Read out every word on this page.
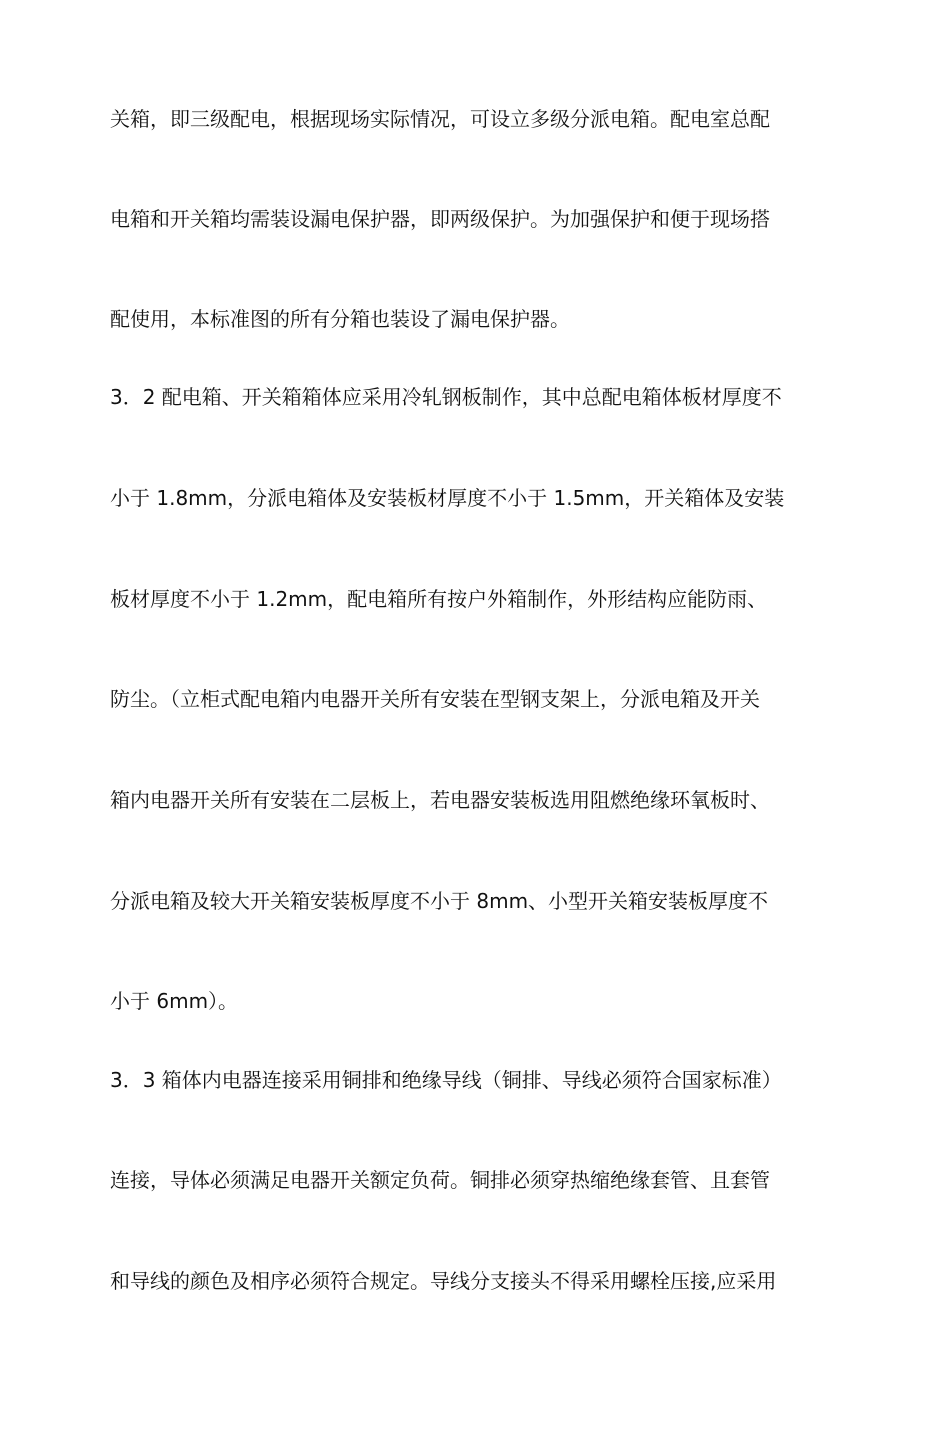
关箱，即三级配电，根据现场实际情况，可设立多级分派电箱。配电室总配
电箱和开关箱均需装设漏电保护器，即两级保护。为加强保护和便于现场搭
配使用，本标准图的所有分箱也装设了漏电保护器。
3．2 配电箱、开关箱箱体应采用冷轧钢板制作，其中总配电箱体板材厚度不
小于 1.8mm，分派电箱体及安装板材厚度不小于 1.5mm，开关箱体及安装
板材厚度不小于 1.2mm，配电箱所有按户外箱制作，外形结构应能防雨、
防尘。（立柜式配电箱内电器开关所有安装在型钢支架上，分派电箱及开关
箱内电器开关所有安装在二层板上，若电器安装板选用阻燃绝缘环氧板时、
分派电箱及较大开关箱安装板厚度不小于 8mm、小型开关箱安装板厚度不
小于 6mm）。
3．3 箱体内电器连接采用铜排和绝缘导线（铜排、导线必须符合国家标准）
连接，导体必须满足电器开关额定负荷。铜排必须穿热缩绝缘套管、且套管
和导线的颜色及相序必须符合规定。导线分支接头不得采用螺栓压接,应采用
